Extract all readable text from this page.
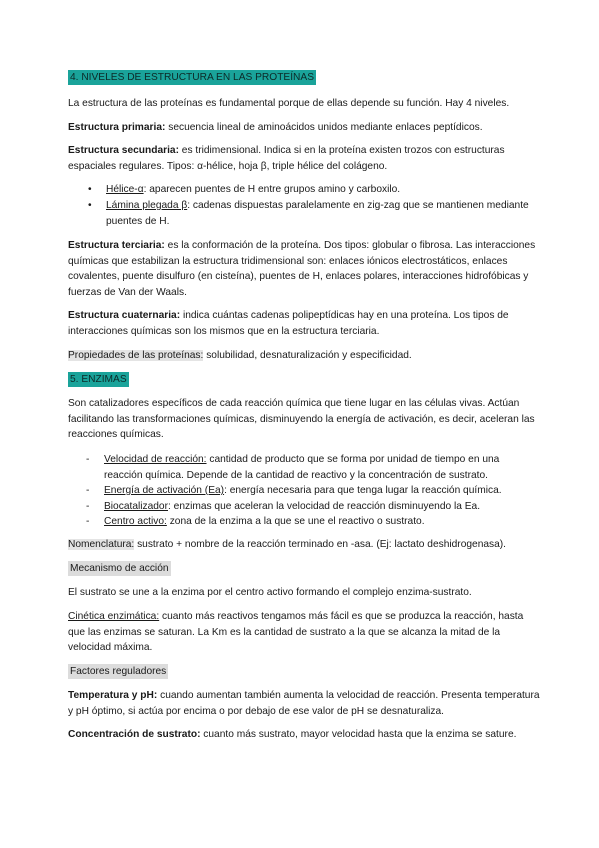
4. NIVELES DE ESTRUCTURA EN LAS PROTEÍNAS
La estructura de las proteínas es fundamental porque de ellas depende su función. Hay 4 niveles.
Estructura primaria: secuencia lineal de aminoácidos unidos mediante enlaces peptídicos.
Estructura secundaria: es tridimensional. Indica si en la proteína existen trozos con estructuras espaciales regulares. Tipos: α-hélice, hoja β, triple hélice del colágeno.
• Hélice-α: aparecen puentes de H entre grupos amino y carboxilo.
• Lámina plegada β: cadenas dispuestas paralelamente en zig-zag que se mantienen mediante puentes de H.
Estructura terciaria: es la conformación de la proteína. Dos tipos: globular o fibrosa. Las interacciones químicas que estabilizan la estructura tridimensional son: enlaces iónicos electrostáticos, enlaces covalentes, puente disulfuro (en cisteína), puentes de H, enlaces polares, interacciones hidrofóbicas y fuerzas de Van der Waals.
Estructura cuaternaria: indica cuántas cadenas polipeptídicas hay en una proteína. Los tipos de interacciones químicas son los mismos que en la estructura terciaria.
Propiedades de las proteínas: solubilidad, desnaturalización y especificidad.
5. ENZIMAS
Son catalizadores específicos de cada reacción química que tiene lugar en las células vivas. Actúan facilitando las transformaciones químicas, disminuyendo la energía de activación, es decir, aceleran las reacciones químicas.
- Velocidad de reacción: cantidad de producto que se forma por unidad de tiempo en una reacción química. Depende de la cantidad de reactivo y la concentración de sustrato.
- Energía de activación (Ea): energía necesaria para que tenga lugar la reacción química.
- Biocatalizador: enzimas que aceleran la velocidad de reacción disminuyendo la Ea.
- Centro activo: zona de la enzima a la que se une el reactivo o sustrato.
Nomenclatura: sustrato + nombre de la reacción terminado en -asa. (Ej: lactato deshidrogenasa).
Mecanismo de acción
El sustrato se une a la enzima por el centro activo formando el complejo enzima-sustrato.
Cinética enzimática: cuanto más reactivos tengamos más fácil es que se produzca la reacción, hasta que las enzimas se saturan. La Km es la cantidad de sustrato a la que se alcanza la mitad de la velocidad máxima.
Factores reguladores
Temperatura y pH: cuando aumentan también aumenta la velocidad de reacción. Presenta temperatura y pH óptimo, si actúa por encima o por debajo de ese valor de pH se desnaturaliza.
Concentración de sustrato: cuanto más sustrato, mayor velocidad hasta que la enzima se sature.
